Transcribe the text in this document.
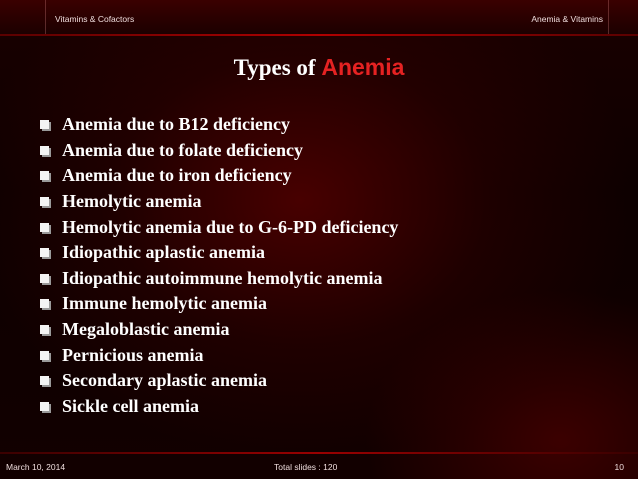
Vitamins & Cofactors	Anemia & Vitamins
Types of Anemia
Anemia due to B12 deficiency
Anemia due to folate deficiency
Anemia due to iron deficiency
Hemolytic anemia
Hemolytic anemia due to G-6-PD deficiency
Idiopathic aplastic anemia
Idiopathic autoimmune hemolytic anemia
Immune hemolytic anemia
Megaloblastic anemia
Pernicious anemia
Secondary aplastic anemia
Sickle cell anemia
March 10, 2014	Total slides : 120	10
